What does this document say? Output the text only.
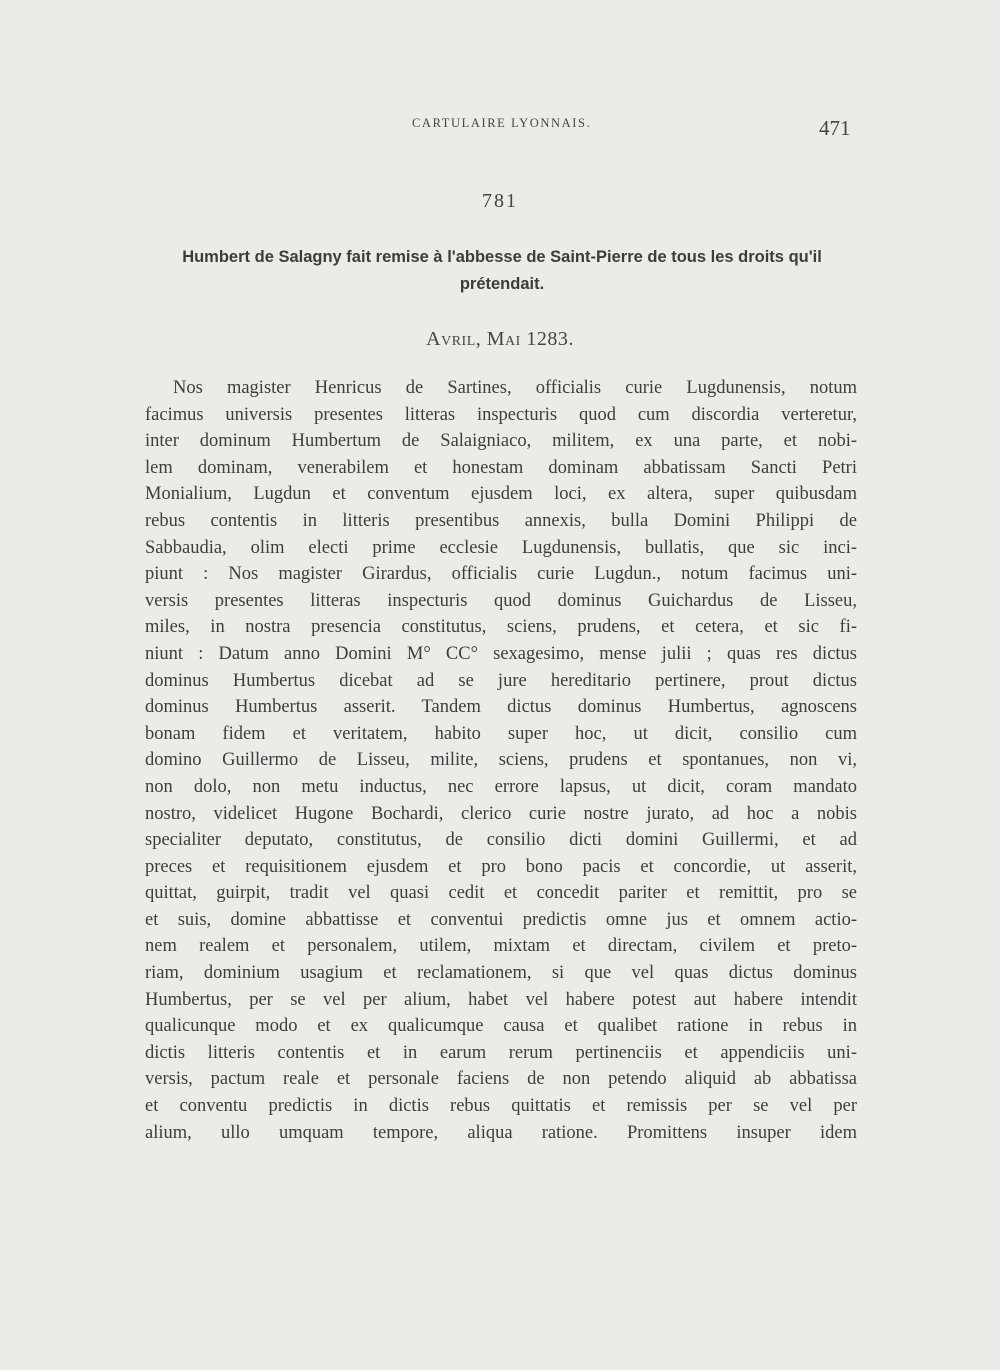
CARTULAIRE LYONNAIS.	471
781
Humbert de Salagny fait remise à l'abbesse de Saint-Pierre de tous les droits qu'il prétendait.
Avril, Mai 1283.
Nos magister Henricus de Sartines, officialis curie Lugdunensis, notum
facimus universis presentes litteras inspecturis quod cum discordia verteretur,
inter dominum Humbertum de Salaigniaco, militem, ex una parte, et nobi-
lem dominam, venerabilem et honestam dominam abbatissam Sancti Petri
Monialium, Lugdun et conventum ejusdem loci, ex altera, super quibusdam
rebus contentis in litteris presentibus annexis, bulla Domini Philippi de
Sabbaudia, olim electi prime ecclesie Lugdunensis, bullatis, que sic inci-
piunt : Nos magister Girardus, officialis curie Lugdun., notum facimus uni-
versis presentes litteras inspecturis quod dominus Guichardus de Lisseu,
miles, in nostra presencia constitutus, sciens, prudens, et cetera, et sic fi-
niunt : Datum anno Domini M° CC° sexagesimo, mense julii ; quas res dictus
dominus Humbertus dicebat ad se jure hereditario pertinere, prout dictus
dominus Humbertus asserit. Tandem dictus dominus Humbertus, agnoscens
bonam fidem et veritatem, habito super hoc, ut dicit, consilio cum
domino Guillermo de Lisseu, milite, sciens, prudens et spontanues, non vi,
non dolo, non metu inductus, nec errore lapsus, ut dicit, coram mandato
nostro, videlicet Hugone Bochardi, clerico curie nostre jurato, ad hoc a nobis
specialiter deputato, constitutus, de consilio dicti domini Guillermi, et ad
preces et requisitionem ejusdem et pro bono pacis et concordie, ut asserit,
quittat, guirpit, tradit vel quasi cedit et concedit pariter et remittit, pro se
et suis, domine abbattisse et conventui predictis omne jus et omnem actio-
nem realem et personalem, utilem, mixtam et directam, civilem et preto-
riam, dominium usagium et reclamationem, si que vel quas dictus dominus
Humbertus, per se vel per alium, habet vel habere potest aut habere intendit
qualicunque modo et ex qualicumque causa et qualibet ratione in rebus in
dictis litteris contentis et in earum rerum pertinenciis et appendiciis uni-
versis, pactum reale et personale faciens de non petendo aliquid ab abbatissa
et conventu predictis in dictis rebus quittatis et remissis per se vel per
alium, ullo umquam tempore, aliqua ratione. Promittens insuper idem
